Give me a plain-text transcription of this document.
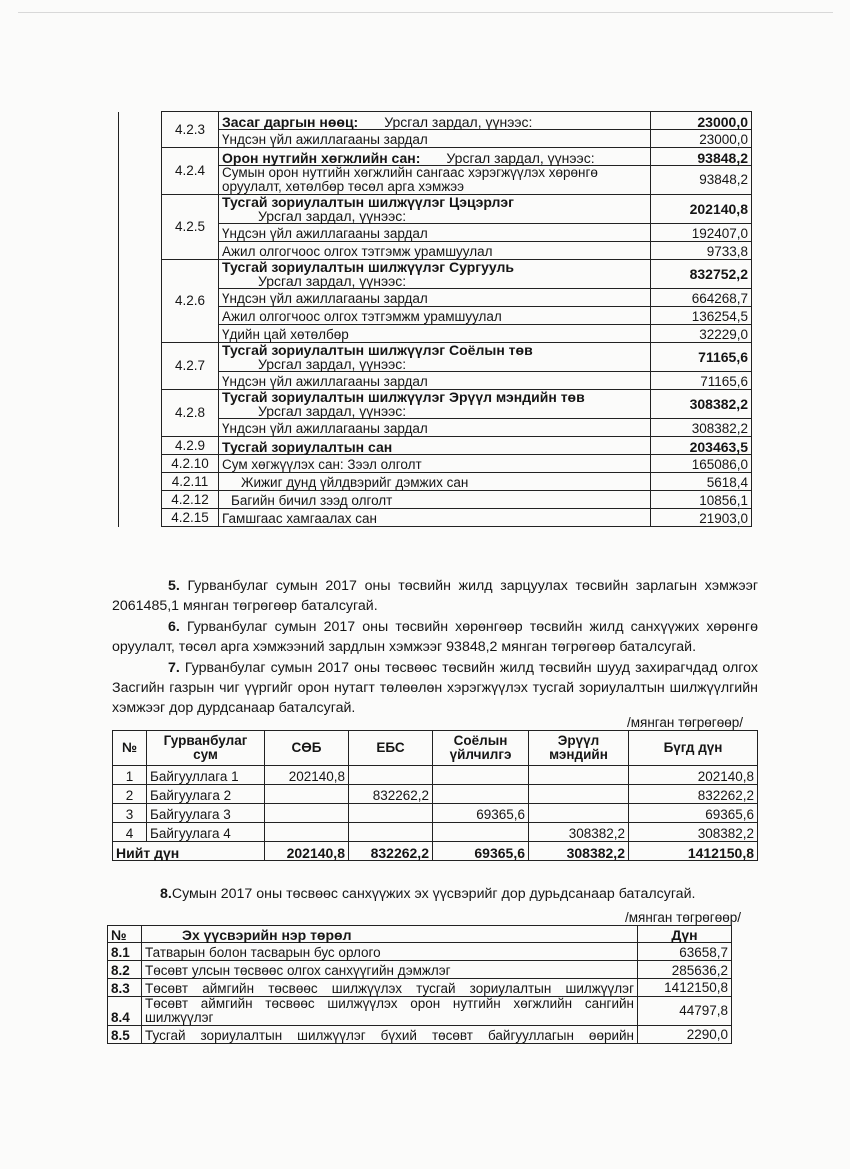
	4.2.3	Засаг даргын нөөц: Урсгал зардал, үүнээс:	23000,0
		Үндсэн үйл ажиллагааны зардал	23000,0
	4.2.4	Орон нутгийн хөгжлийн сан: Урсгал зардал, үүнээс:	93848,2
		Сумын орон нутгийн хөгжлийн сангаас хэрэгжүүлэх хөрөнгө оруулалт, хөтөлбөр төсөл арга хэмжээ	93848,2
	4.2.5	Тусгай зориулалтын шилжүүлэг Цэцэрлэг
Урсгал зардал, үүнээс:	202140,8
		Үндсэн үйл ажиллагааны зардал	192407,0
		Ажил олгогчоос олгох тэтгэмж урамшуулал	9733,8
	4.2.6	Тусгай зориулалтын шилжүүлэг Сургууль
Урсгал зардал, үүнээс:	832752,2
		Үндсэн үйл ажиллагааны зардал	664268,7
		Ажил олгогчоос олгох тэтгэмжм урамшуулал	136254,5
		Үдийн цай хөтөлбөр	32229,0
	4.2.7	Тусгай зориулалтын шилжүүлэг Соёлын төв
Урсгал зардал, үүнээс:	71165,6
		Үндсэн үйл ажиллагааны зардал	71165,6
	4.2.8	Тусгай зориулалтын шилжүүлэг Эрүүл мэндийн төв
Урсгал зардал, үүнээс:	308382,2
		Үндсэн үйл ажиллагааны зардал	308382,2
	4.2.9	Тусгай зориулалтын сан	203463,5
	4.2.10	Сум хөгжүүлэх сан: Зээл олголт	165086,0
	4.2.11	Жижиг дунд үйлдвэрийг дэмжих сан	5618,4
	4.2.12	Багийн бичил зээд олголт	10856,1
	4.2.15	Гамшгаас хамгаалах сан	21903,0
5. Гурванбулаг сумын 2017 оны төсвийн жилд зарцуулах төсвийн зарлагын хэмжээг 2061485,1 мянган төгрөгөөр баталсугай.
6. Гурванбулаг сумын 2017 оны төсвийн хөрөнгөөр төсвийн жилд санхүүжих хөрөнгө оруулалт, төсөл арга хэмжээний зардлын хэмжээг 93848,2 мянган төгрөгөөр баталсугай.
7. Гурванбулаг сумын 2017 оны төсвөөс төсвийн жилд төсвийн шууд захирагчдад олгох Засгийн газрын чиг үүргийг орон нутагт төлөөлөн хэрэгжүүлэх тусгай зориулалтын шилжүүлгийн хэмжээг дор дурдсанаар баталсугай.
/мянган төгрөгөөр/
№	Гурванбулаг сум	СӨБ	ЕБС	Соёлын үйлчилгэ	Эрүүл мэндийн	Бүгд дүн
1	Байгууллага 1	202140,8				202140,8
2	Байгуулагa 2		832262,2			832262,2
3	Байгуулага 3			69365,6		69365,6
4	Байгуулага 4				308382,2	308382,2
Нийт дүн		202140,8	832262,2	69365,6	308382,2	1412150,8
8.Сумын 2017 оны төсвөөс санхүүжих эх үүсвэрийг дор дурьдсанаар баталсугай.
/мянган төгрөгөөр/
№	Эх үүсвэрийн нэр төрөл	Дүн
8.1	Татварын болон тасварын бус орлого	63658,7
8.2	Төсөвт улсын төсвөөс олгох санхүүгийн дэмжлэг	285636,2
8.3	Төсөвт аймгийн төсвөөс шилжүүлэх тусгай зориулалтын шилжүүлэг	1412150,8
8.4	Төсөвт аймгийн төсвөөс шилжүүлэх орон нутгийн хөгжлийн сангийн шилжүүлэг	44797,8
8.5	Тусгай зориулалтын шилжүүлэг бүхий төсөвт байгууллагын өөрийн	2290,0
